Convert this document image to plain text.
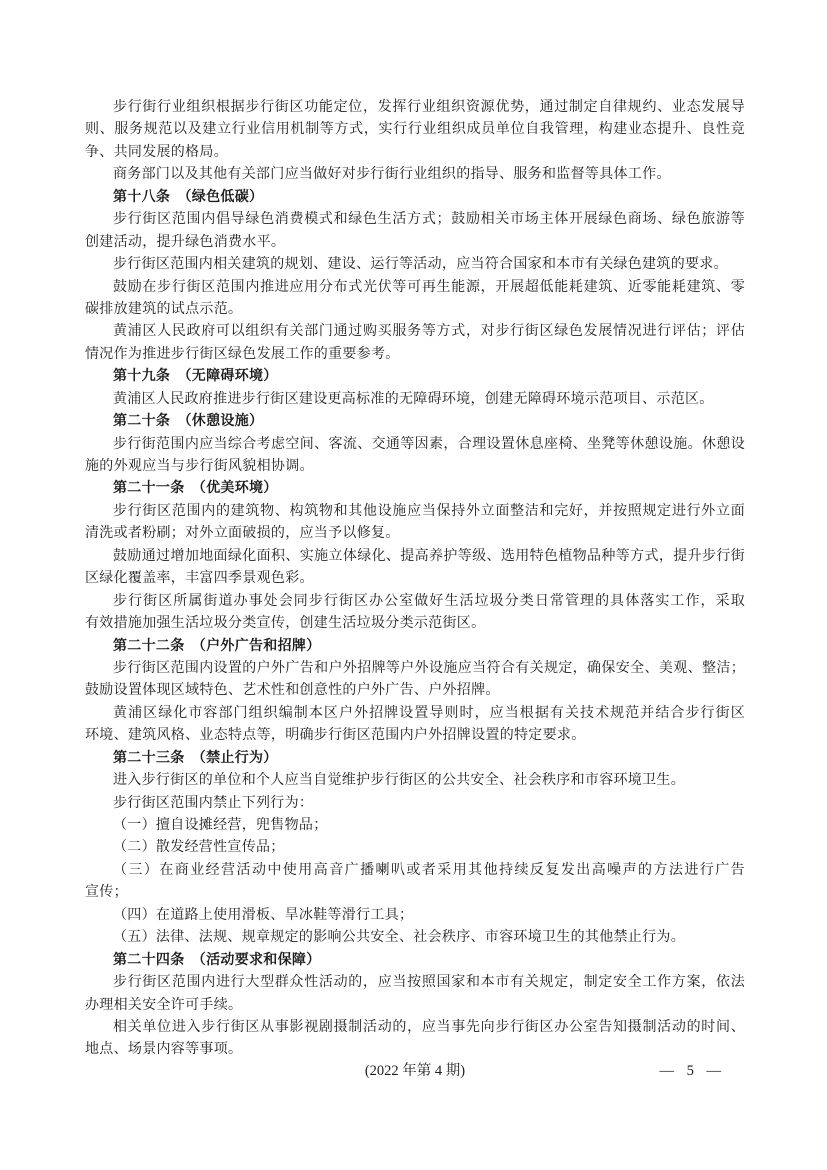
步行街行业组织根据步行街区功能定位，发挥行业组织资源优势，通过制定自律规约、业态发展导
则、服务规范以及建立行业信用机制等方式，实行行业组织成员单位自我管理，构建业态提升、良性竞
争、共同发展的格局。
商务部门以及其他有关部门应当做好对步行街行业组织的指导、服务和监督等具体工作。
第十八条　（绿色低碳）
步行街区范围内倡导绿色消费模式和绿色生活方式；鼓励相关市场主体开展绿色商场、绿色旅游等
创建活动，提升绿色消费水平。
步行街区范围内相关建筑的规划、建设、运行等活动，应当符合国家和本市有关绿色建筑的要求。
鼓励在步行街区范围内推进应用分布式光伏等可再生能源，开展超低能耗建筑、近零能耗建筑、零
碳排放建筑的试点示范。
黄浦区人民政府可以组织有关部门通过购买服务等方式，对步行街区绿色发展情况进行评估；评估
情况作为推进步行街区绿色发展工作的重要参考。
第十九条　（无障碍环境）
黄浦区人民政府推进步行街区建设更高标准的无障碍环境，创建无障碍环境示范项目、示范区。
第二十条　（休憩设施）
步行街范围内应当综合考虑空间、客流、交通等因素，合理设置休息座椅、坐凳等休憩设施。休憩设
施的外观应当与步行街风貌相协调。
第二十一条　（优美环境）
步行街区范围内的建筑物、构筑物和其他设施应当保持外立面整洁和完好，并按照规定进行外立面
清洗或者粉刷；对外立面破损的，应当予以修复。
鼓励通过增加地面绿化面积、实施立体绿化、提高养护等级、选用特色植物品种等方式，提升步行街
区绿化覆盖率，丰富四季景观色彩。
步行街区所属街道办事处会同步行街区办公室做好生活垃圾分类日常管理的具体落实工作，采取
有效措施加强生活垃圾分类宣传，创建生活垃圾分类示范街区。
第二十二条　（户外广告和招牌）
步行街区范围内设置的户外广告和户外招牌等户外设施应当符合有关规定，确保安全、美观、整洁；
鼓励设置体现区域特色、艺术性和创意性的户外广告、户外招牌。
黄浦区绿化市容部门组织编制本区户外招牌设置导则时，应当根据有关技术规范并结合步行街区
环境、建筑风格、业态特点等，明确步行街区范围内户外招牌设置的特定要求。
第二十三条　（禁止行为）
进入步行街区的单位和个人应当自觉维护步行街区的公共安全、社会秩序和市容环境卫生。
步行街区范围内禁止下列行为：
（一）擅自设摊经营，兜售物品；
（二）散发经营性宣传品；
（三）在商业经营活动中使用高音广播喇叭或者采用其他持续反复发出高噪声的方法进行广告
宣传；
（四）在道路上使用滑板、旱冰鞋等滑行工具；
（五）法律、法规、规章规定的影响公共安全、社会秩序、市容环境卫生的其他禁止行为。
第二十四条　（活动要求和保障）
步行街区范围内进行大型群众性活动的，应当按照国家和本市有关规定，制定安全工作方案，依法
办理相关安全许可手续。
相关单位进入步行街区从事影视剧摄制活动的，应当事先向步行街区办公室告知摄制活动的时间、
地点、场景内容等事项。
(2022 年第 4 期)	— 5 —
